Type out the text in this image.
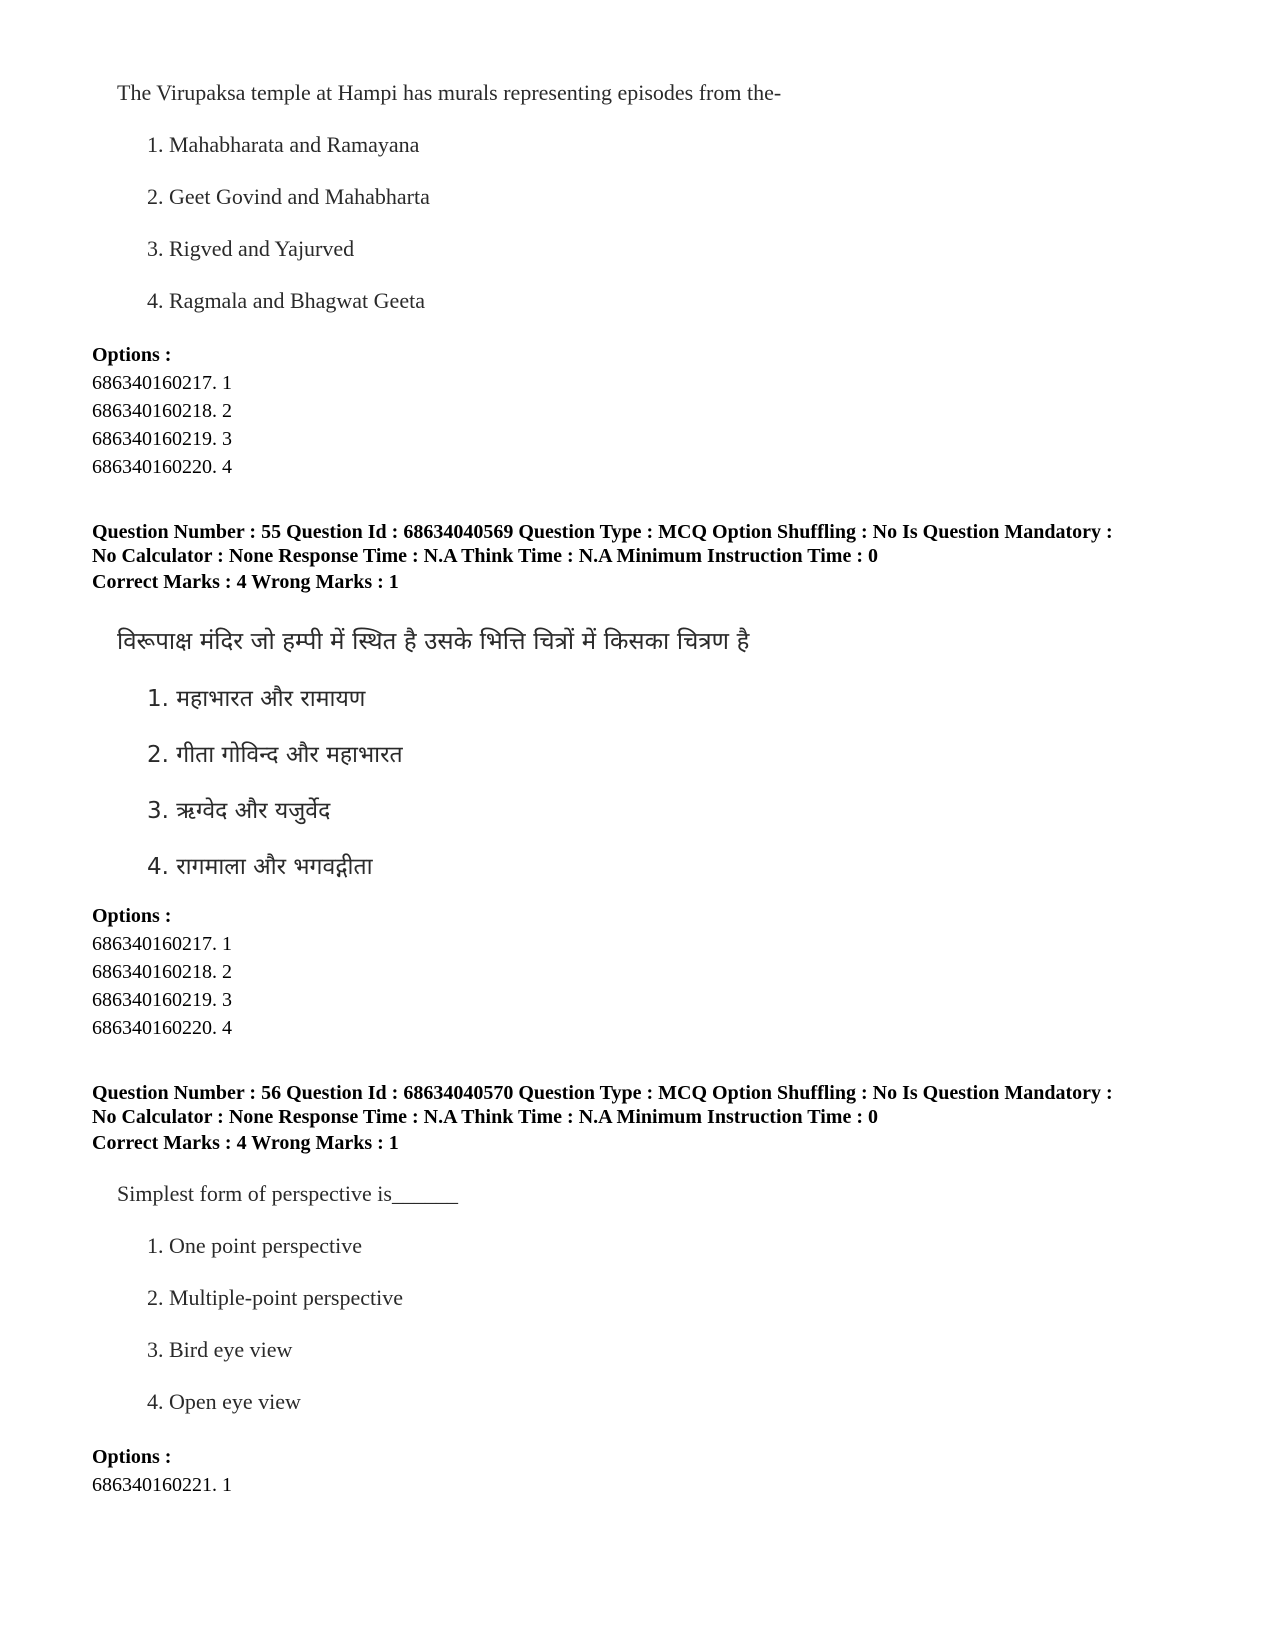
The Virupaksa temple at Hampi has murals representing episodes from the-
1. Mahabharata and Ramayana
2. Geet Govind and Mahabharta
3. Rigved and Yajurved
4. Ragmala and Bhagwat Geeta
Options :
686340160217. 1
686340160218. 2
686340160219. 3
686340160220. 4
Question Number : 55 Question Id : 68634040569 Question Type : MCQ Option Shuffling : No Is Question Mandatory :
No Calculator : None Response Time : N.A Think Time : N.A Minimum Instruction Time : 0
Correct Marks : 4 Wrong Marks : 1
विरूपाक्ष मंदिर जो हम्पी में स्थित है उसके भित्ति चित्रों में किसका चित्रण है
1. महाभारत और रामायण
2. गीता गोविन्द और महाभारत
3. ऋग्वेद और यजुर्वेद
4. रागमाला और भगवद्गीता
Options :
686340160217. 1
686340160218. 2
686340160219. 3
686340160220. 4
Question Number : 56 Question Id : 68634040570 Question Type : MCQ Option Shuffling : No Is Question Mandatory :
No Calculator : None Response Time : N.A Think Time : N.A Minimum Instruction Time : 0
Correct Marks : 4 Wrong Marks : 1
Simplest form of perspective is______
1. One point perspective
2. Multiple-point perspective
3. Bird eye view
4. Open eye view
Options :
686340160221. 1
